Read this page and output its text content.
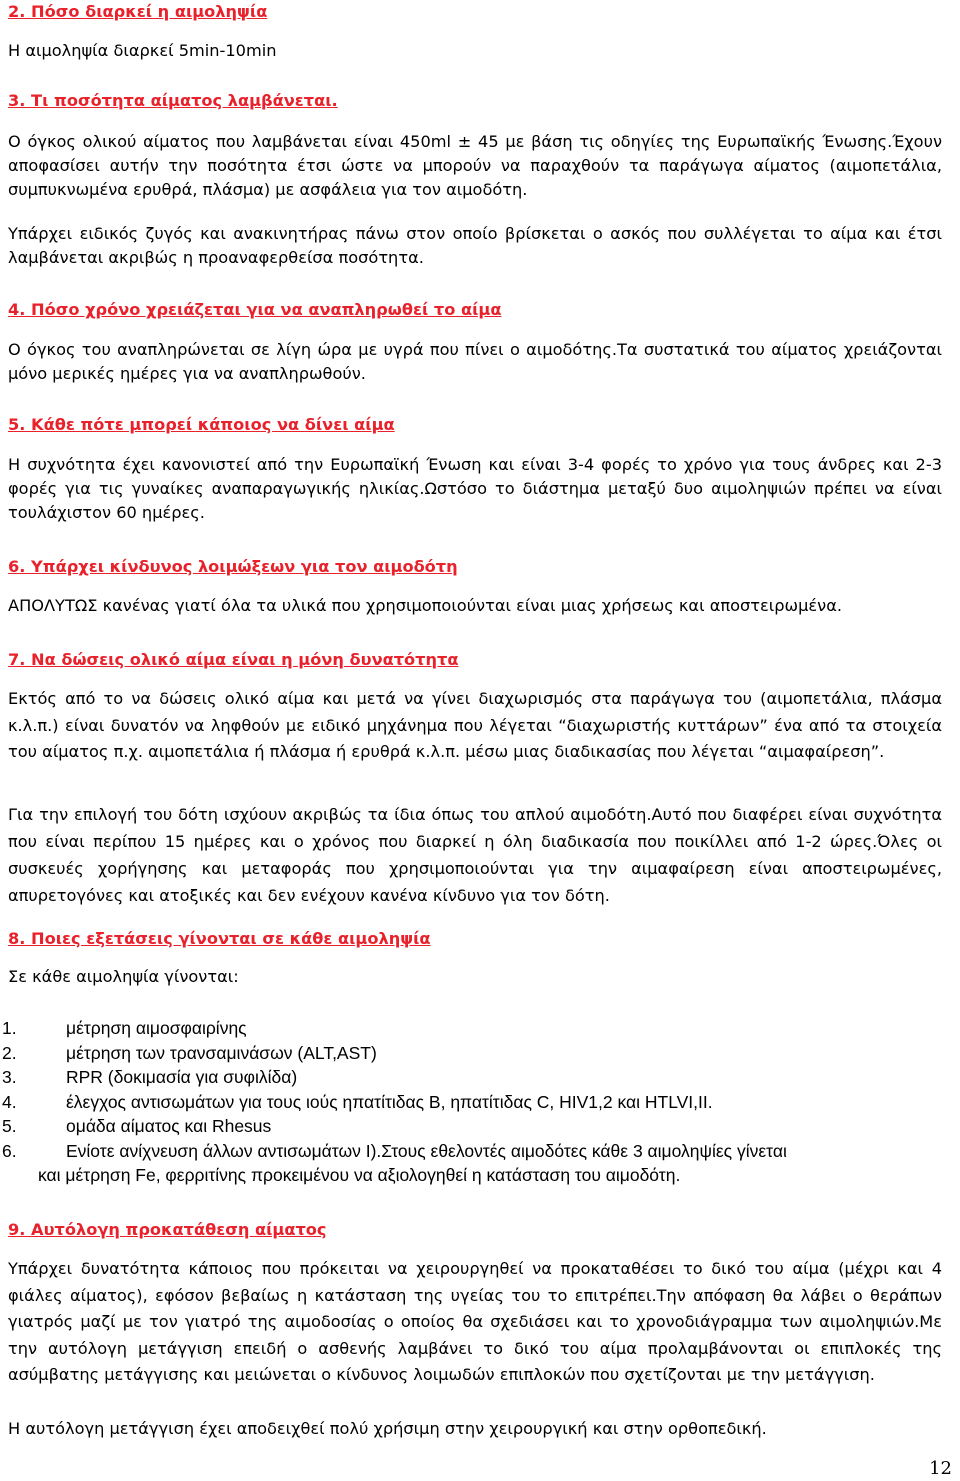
2. Πόσο διαρκεί η αιμοληψία

Η αιμοληψία διαρκεί 5min-10min

3. Τι ποσότητα αίματος λαμβάνεται.

Ο όγκος ολικού αίματος που λαμβάνεται είναι 450ml ± 45 με βάση τις οδηγίες της Ευρωπαϊκής Ένωσης.Έχουν αποφασίσει αυτήν την ποσότητα έτσι ώστε να μπορούν να παραχθούν τα παράγωγα αίματος (αιμοπετάλια, συμπυκνωμένα ερυθρά, πλάσμα) με ασφάλεια για τον αιμοδότη.

Υπάρχει ειδικός ζυγός και ανακινητήρας πάνω στον οποίο βρίσκεται ο ασκός που συλλέγεται το αίμα και έτσι λαμβάνεται ακριβώς η προαναφερθείσα ποσότητα.

4. Πόσο χρόνο χρειάζεται για να αναπληρωθεί το αίμα

Ο όγκος του αναπληρώνεται σε λίγη ώρα με υγρά που πίνει ο αιμοδότης.Τα συστατικά του αίματος χρειάζονται μόνο μερικές ημέρες για να αναπληρωθούν.

5. Κάθε πότε μπορεί κάποιος να δίνει αίμα

Η συχνότητα έχει κανονιστεί από την Ευρωπαϊκή Ένωση και είναι 3-4 φορές το χρόνο για τους άνδρες και 2-3 φορές για τις γυναίκες αναπαραγωγικής ηλικίας.Ωστόσο το διάστημα μεταξύ δυο αιμοληψιών πρέπει να είναι τουλάχιστον 60 ημέρες.

6. Υπάρχει κίνδυνος λοιμώξεων για τον αιμοδότη

ΑΠΟΛΥΤΩΣ κανένας γιατί όλα τα υλικά που χρησιμοποιούνται είναι μιας χρήσεως και αποστειρωμένα.

7. Να δώσεις ολικό αίμα είναι η μόνη δυνατότητα

Εκτός από το να δώσεις ολικό αίμα και μετά να γίνει διαχωρισμός στα παράγωγα του (αιμοπετάλια, πλάσμα κ.λ.π.) είναι δυνατόν να ληφθούν με ειδικό μηχάνημα που λέγεται “διαχωριστής κυττάρων” ένα από τα στοιχεία του αίματος π.χ. αιμοπετάλια ή πλάσμα ή ερυθρά κ.λ.π. μέσω μιας διαδικασίας που λέγεται “αιμαφαίρεση”.

Για την επιλογή του δότη ισχύουν ακριβώς τα ίδια όπως του απλού αιμοδότη.Αυτό που διαφέρει είναι συχνότητα που είναι περίπου 15 ημέρες και ο χρόνος που διαρκεί η όλη διαδικασία που ποικίλλει από 1-2 ώρες.Όλες οι συσκευές χορήγησης και μεταφοράς που χρησιμοποιούνται για την αιμαφαίρεση είναι αποστειρωμένες, απυρετογόνες και ατοξικές και δεν ενέχουν κανένα κίνδυνο για τον δότη.

8. Ποιες εξετάσεις γίνονται σε κάθε αιμοληψία

Σε κάθε αιμοληψία γίνονται:

1.	μέτρηση αιμοσφαιρίνης
2.	μέτρηση των τρανσαμινάσων (ALT,AST)
3.	RPR (δοκιμασία για συφιλίδα)
4.	έλεγχος αντισωμάτων για τους ιούς ηπατίτιδας Β, ηπατίτιδας C, HIV1,2 και HTLVI,II.
5.	ομάδα αίματος και Rhesus
6.	Ενίοτε ανίχνευση άλλων αντισωμάτων Ι).Στους εθελοντές αιμοδότες κάθε 3 αιμοληψίες γίνεται
και μέτρηση Fe, φερριτίνης προκειμένου να αξιολογηθεί η κατάσταση του αιμοδότη.

9. Αυτόλογη προκατάθεση αίματος

Υπάρχει δυνατότητα κάποιος που πρόκειται να χειρουργηθεί να προκαταθέσει το δικό του αίμα (μέχρι και 4 φιάλες αίματος), εφόσον βεβαίως η κατάσταση της υγείας του το επιτρέπει.Την απόφαση θα λάβει ο θεράπων γιατρός μαζί με τον γιατρό της αιμοδοσίας ο οποίος θα σχεδιάσει και το χρονοδιάγραμμα των αιμοληψιών.Με την αυτόλογη μετάγγιση επειδή ο ασθενής λαμβάνει το δικό του αίμα προλαμβάνονται οι επιπλοκές της ασύμβατης μετάγγισης και μειώνεται ο κίνδυνος λοιμωδών επιπλοκών που σχετίζονται με την μετάγγιση.

Η αυτόλογη μετάγγιση έχει αποδειχθεί πολύ χρήσιμη στην χειρουργική και στην ορθοπεδική.

12
